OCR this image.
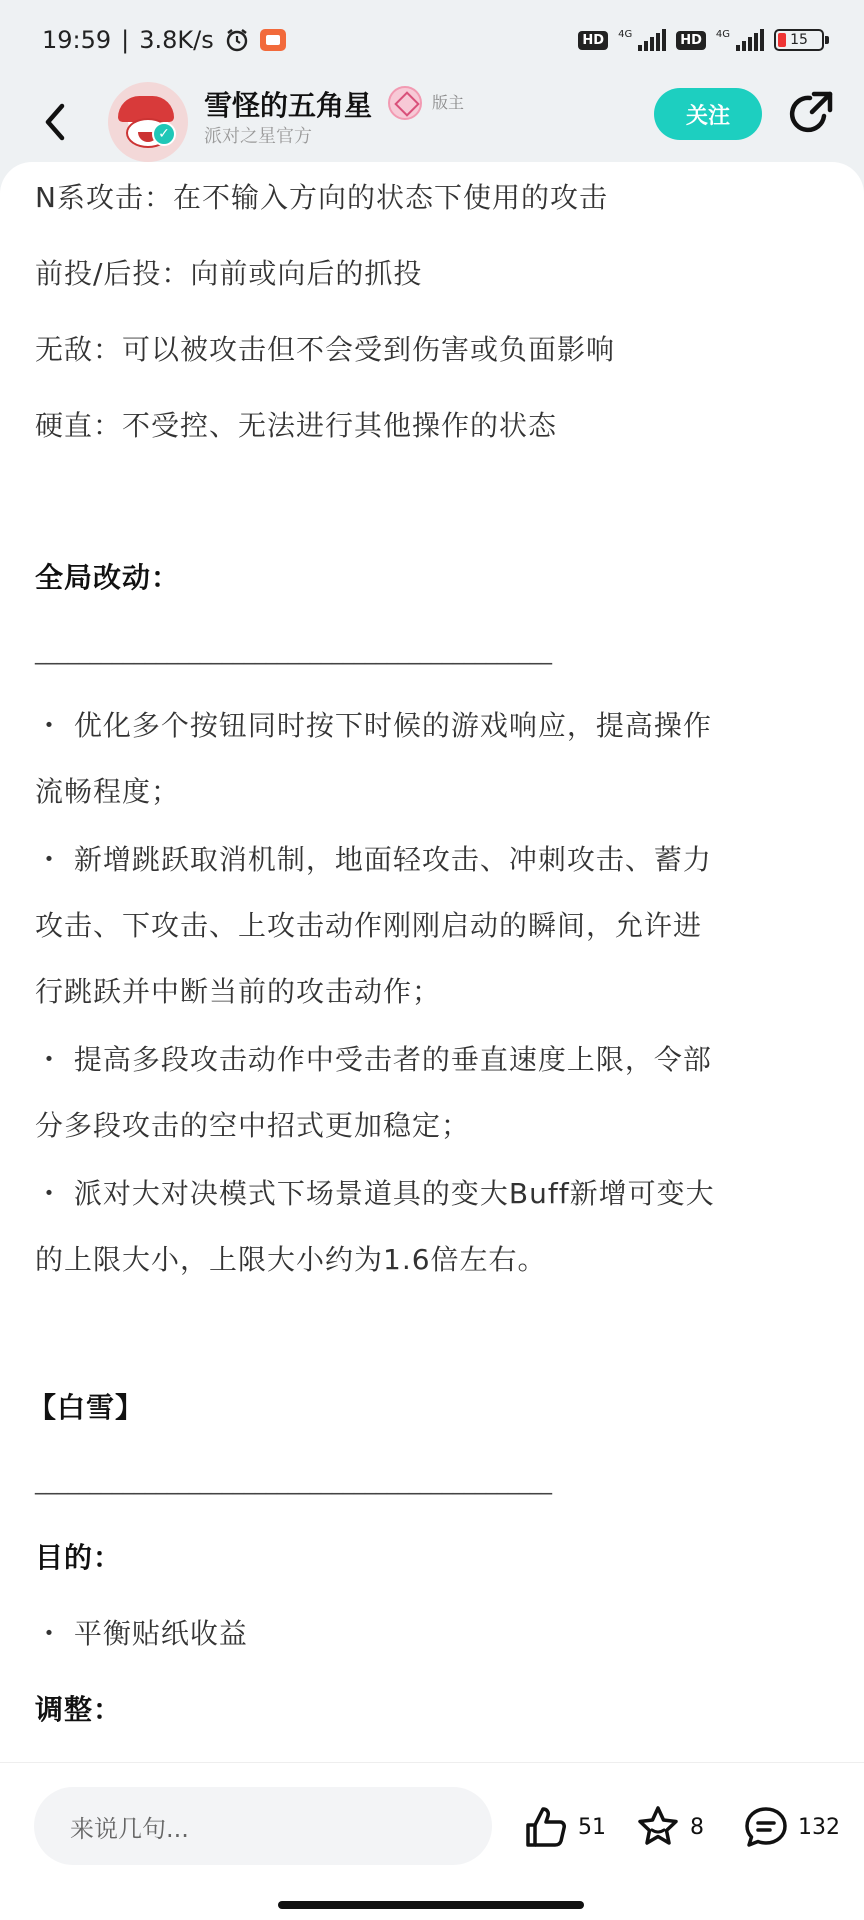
19:59 | 3.8K/s	HD	4G	HD	4G	15
雪怪的五角星	版主
派对之星官方
关注
✓
N系攻击：在不输入方向的状态下使用的攻击
前投/后投：向前或向后的抓投
无敌：可以被攻击但不会受到伤害或负面影响
硬直：不受控、无法进行其他操作的状态
全局改动：
_______________________________________________
・ 优化多个按钮同时按下时候的游戏响应，提高操作
流畅程度；
・ 新增跳跃取消机制，地面轻攻击、冲刺攻击、蓄力
攻击、下攻击、上攻击动作刚刚启动的瞬间，允许进
行跳跃并中断当前的攻击动作；
・ 提高多段攻击动作中受击者的垂直速度上限，令部
分多段攻击的空中招式更加稳定；
・ 派对大对决模式下场景道具的变大Buff新增可变大
的上限大小，上限大小约为1.6倍左右。
【白雪】
_______________________________________________
目的：
・ 平衡贴纸收益
调整：
来说几句...	51	8	132
